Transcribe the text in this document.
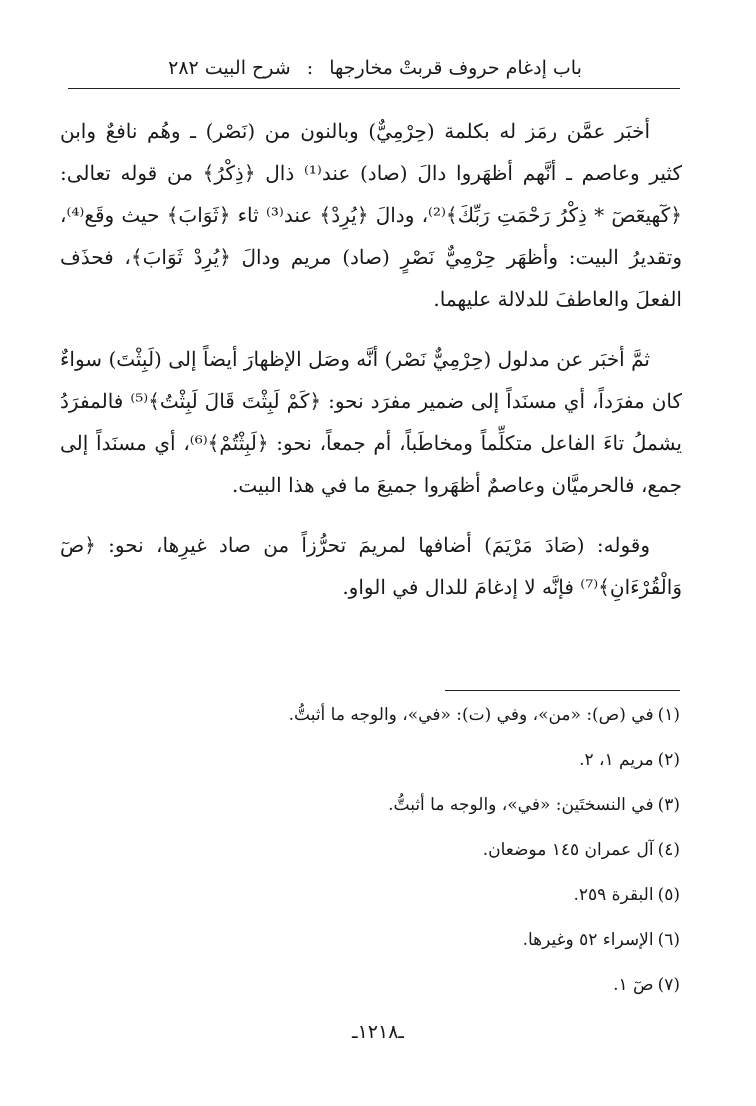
باب إدغام حروف قربتْ مخارجها : شرح البيت ٢٨٢

أخبَر عمَّن رمَز له بكلمة (حِرْمِيٌّ) وبالنون من (نَصْر) ـ وهُم نافعٌ وابن كثير وعاصم ـ أنَّهم أظهَروا دالَ (صاد) عند⁽¹⁾ ذال ﴿ذِكْرُ﴾ من قوله تعالى: ﴿كٓهيعٓصٓ * ذِكْرُ رَحْمَتِ رَبِّكَ﴾⁽²⁾، ودالَ ﴿يُرِدْ﴾ عند⁽³⁾ ثاء ﴿ثَوَابَ﴾ حيث وقَع⁽⁴⁾، وتقديرُ البيت: وأظهَر حِرْمِيٌّ نَصْرٍ (صاد) مريم ودالَ ﴿يُرِدْ ثَوَابَ﴾، فحذَف الفعلَ والعاطفَ للدلالة عليهما.

ثمَّ أخبَر عن مدلول (حِرْمِيٌّ نَصْر) أنَّه وصَل الإظهارَ أيضاً إلى (لَبِثْتَ) سواءٌ كان مفرَداً، أي مسنَداً إلى ضمير مفرَد نحو: ﴿كَمْ لَبِثْتَ قَالَ لَبِثْتُ﴾⁽⁵⁾ فالمفرَدُ يشملُ تاءَ الفاعل متكلِّماً ومخاطَباً، أم جمعاً، نحو: ﴿لَبِثْتُمْ﴾⁽⁶⁾، أي مسنَداً إلى جمع، فالحرميَّان وعاصمٌ أظهَروا جميعَ ما في هذا البيت.

وقوله: (صَادَ مَرْيَمَ) أضافها لمريمَ تحرُّزاً من صاد غيرِها، نحو: ﴿صٓ وَالْقُرْءَانِ﴾⁽⁷⁾ فإنَّه لا إدغامَ للدال في الواو.

(١)في (ص): «من»، وفي (ت): «في»، والوجه ما أثبتُّ.
(٢)مريم ١، ٢.
(٣)في النسختَين: «في»، والوجه ما أثبتُّ.
(٤)آل عمران ١٤٥ موضعان.
(٥)البقرة ٢٥٩.
(٦)الإسراء ٥٢ وغيرها.
(٧)صٓ ١.
ـ١٢١٨ـ
